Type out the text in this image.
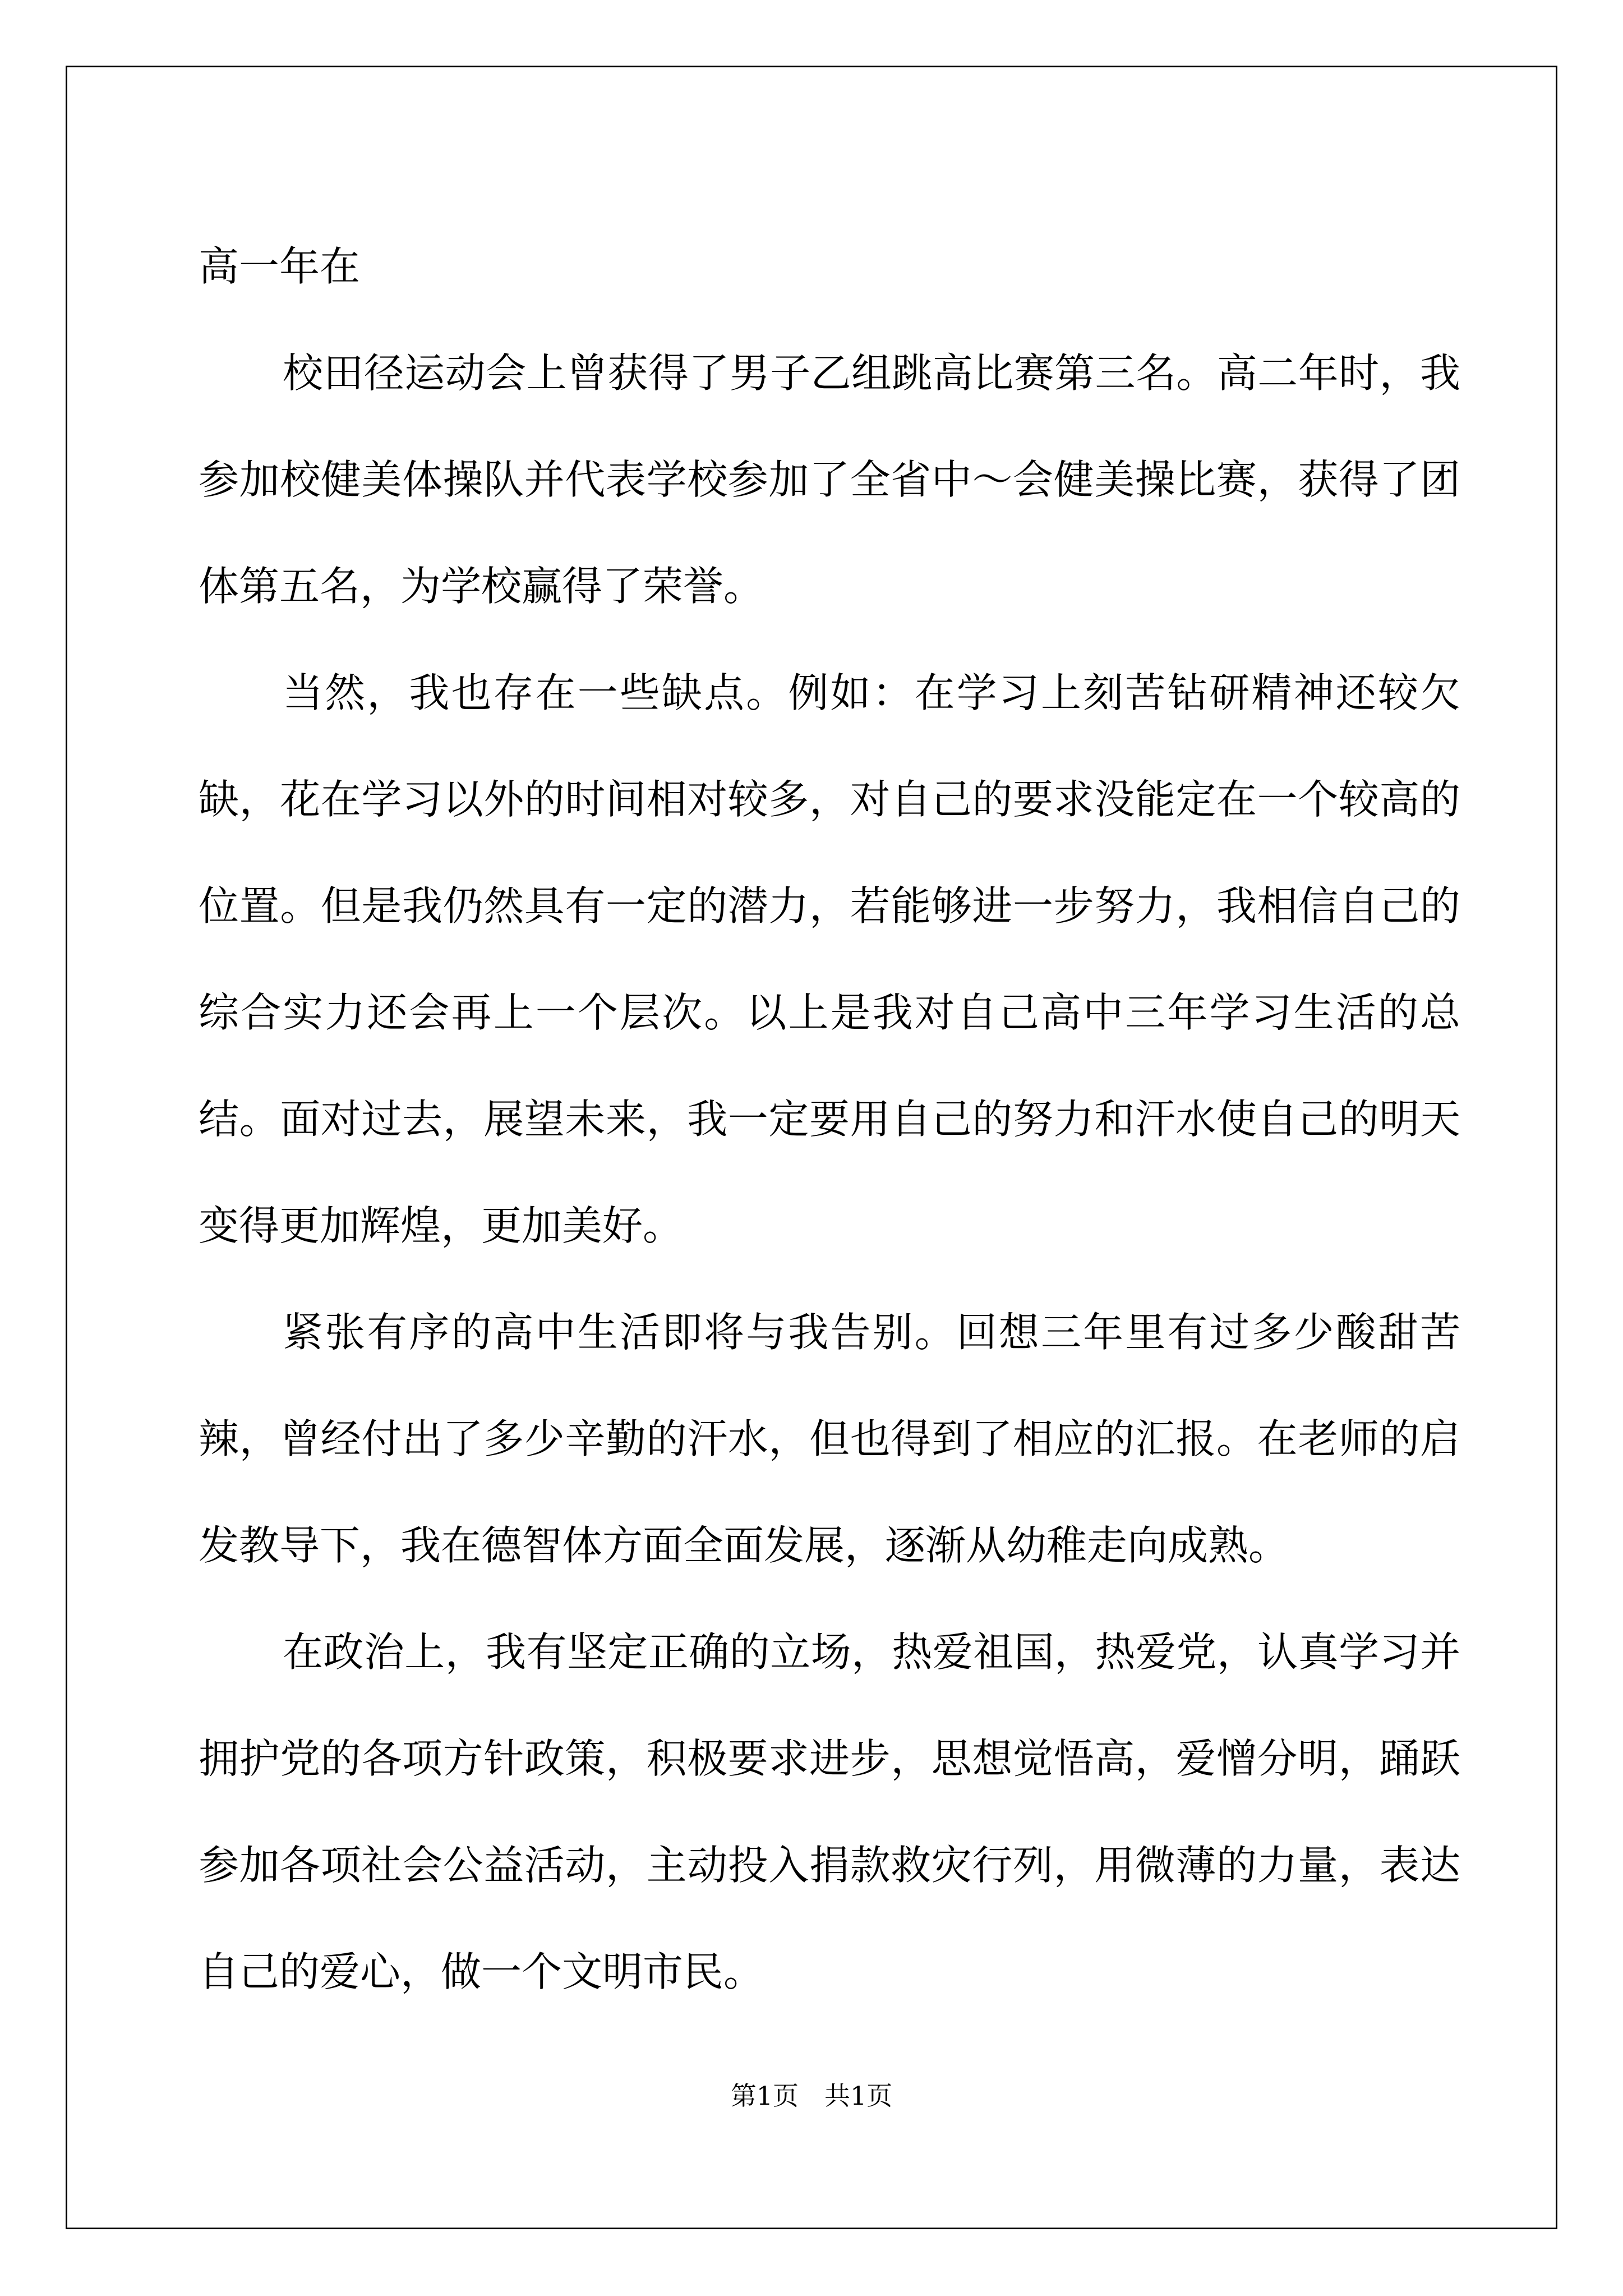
高一年在

校田径运动会上曾获得了男子乙组跳高比赛第三名。高二年时，我参加校健美体操队并代表学校参加了全省中～会健美操比赛，获得了团体第五名，为学校赢得了荣誉。

当然，我也存在一些缺点。例如：在学习上刻苦钻研精神还较欠缺，花在学习以外的时间相对较多，对自己的要求没能定在一个较高的位置。但是我仍然具有一定的潜力，若能够进一步努力，我相信自己的综合实力还会再上一个层次。以上是我对自己高中三年学习生活的总结。面对过去，展望未来，我一定要用自己的努力和汗水使自己的明天变得更加辉煌，更加美好。

紧张有序的高中生活即将与我告别。回想三年里有过多少酸甜苦辣，曾经付出了多少辛勤的汗水，但也得到了相应的汇报。在老师的启发教导下，我在德智体方面全面发展，逐渐从幼稚走向成熟。

在政治上，我有坚定正确的立场，热爱祖国，热爱党，认真学习并拥护党的各项方针政策，积极要求进步，思想觉悟高，爱憎分明，踊跃参加各项社会公益活动，主动投入捐款救灾行列，用微薄的力量，表达自己的爱心，做一个文明市民。

第1页　共1页
